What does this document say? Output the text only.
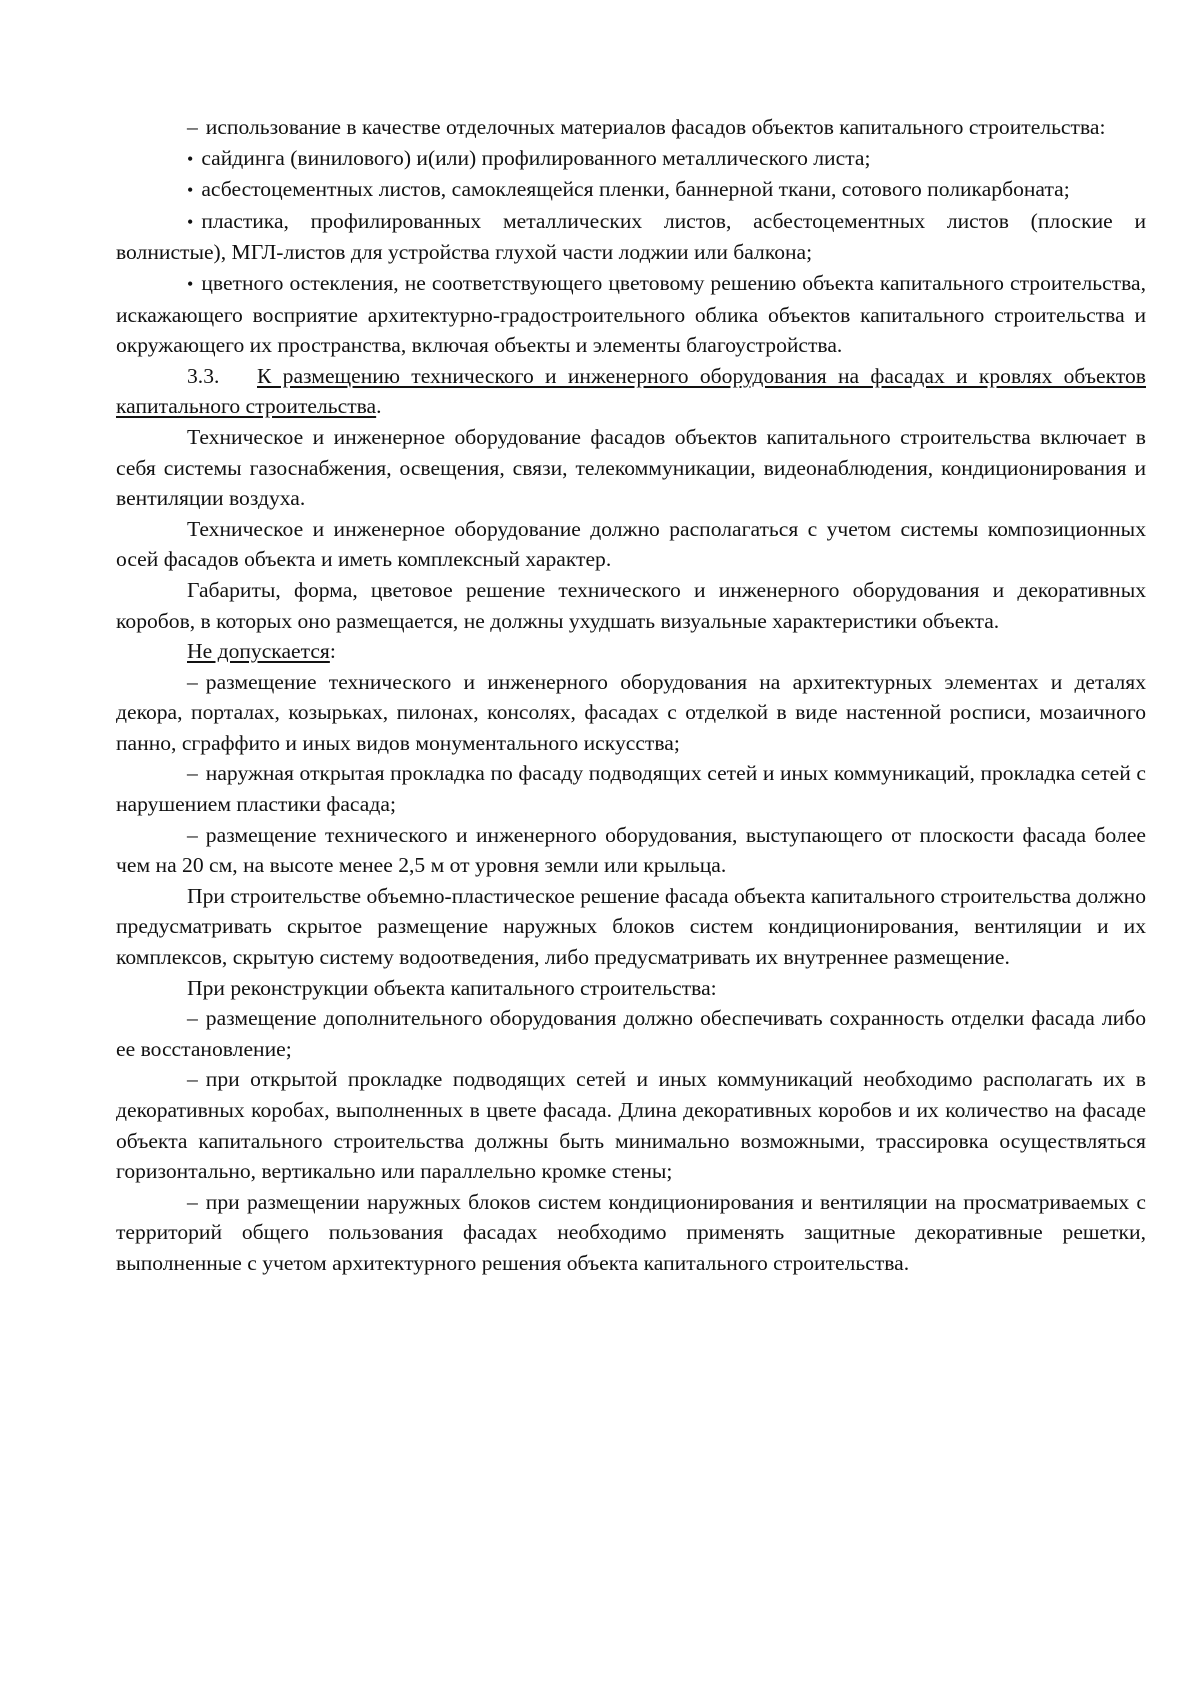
– использование в качестве отделочных материалов фасадов объектов капитального строительства:

• сайдинга (винилового) и(или) профилированного металлического листа;

• асбестоцементных листов, самоклеящейся пленки, баннерной ткани, сотового поликарбоната;

• пластика, профилированных металлических листов, асбестоцементных листов (плоские и волнистые), МГЛ-листов для устройства глухой части лоджии или балкона;

• цветного остекления, не соответствующего цветовому решению объекта капитального строительства, искажающего восприятие архитектурно-градостроительного облика объектов капитального строительства и окружающего их пространства, включая объекты и элементы благоустройства.

3.3. К размещению технического и инженерного оборудования на фасадах и кровлях объектов капитального строительства.

Техническое и инженерное оборудование фасадов объектов капитального строительства включает в себя системы газоснабжения, освещения, связи, телекоммуникации, видеонаблюдения, кондиционирования и вентиляции воздуха.

Техническое и инженерное оборудование должно располагаться с учетом системы композиционных осей фасадов объекта и иметь комплексный характер.

Габариты, форма, цветовое решение технического и инженерного оборудования и декоративных коробов, в которых оно размещается, не должны ухудшать визуальные характеристики объекта.

Не допускается:

– размещение технического и инженерного оборудования на архитектурных элементах и деталях декора, порталах, козырьках, пилонах, консолях, фасадах с отделкой в виде настенной росписи, мозаичного панно, сграффито и иных видов монументального искусства;

– наружная открытая прокладка по фасаду подводящих сетей и иных коммуникаций, прокладка сетей с нарушением пластики фасада;

– размещение технического и инженерного оборудования, выступающего от плоскости фасада более чем на 20 см, на высоте менее 2,5 м от уровня земли или крыльца.

При строительстве объемно-пластическое решение фасада объекта капитального строительства должно предусматривать скрытое размещение наружных блоков систем кондиционирования, вентиляции и их комплексов, скрытую систему водоотведения, либо предусматривать их внутреннее размещение.

При реконструкции объекта капитального строительства:

– размещение дополнительного оборудования должно обеспечивать сохранность отделки фасада либо ее восстановление;

– при открытой прокладке подводящих сетей и иных коммуникаций необходимо располагать их в декоративных коробах, выполненных в цвете фасада. Длина декоративных коробов и их количество на фасаде объекта капитального строительства должны быть минимально возможными, трассировка осуществляться горизонтально, вертикально или параллельно кромке стены;

– при размещении наружных блоков систем кондиционирования и вентиляции на просматриваемых с территорий общего пользования фасадах необходимо применять защитные декоративные решетки, выполненные с учетом архитектурного решения объекта капитального строительства.
